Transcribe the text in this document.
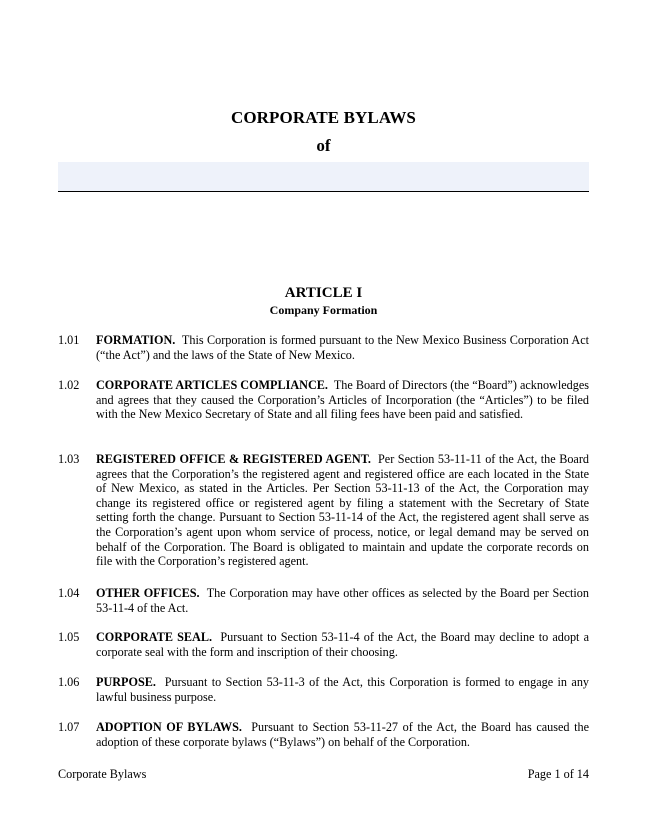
CORPORATE BYLAWS
of
ARTICLE I
Company Formation
1.01	FORMATION. This Corporation is formed pursuant to the New Mexico Business Corporation Act (“the Act”) and the laws of the State of New Mexico.
1.02	CORPORATE ARTICLES COMPLIANCE. The Board of Directors (the “Board”) acknowledges and agrees that they caused the Corporation’s Articles of Incorporation (the “Articles”) to be filed with the New Mexico Secretary of State and all filing fees have been paid and satisfied.
1.03	REGISTERED OFFICE & REGISTERED AGENT. Per Section 53-11-11 of the Act, the Board agrees that the Corporation’s the registered agent and registered office are each located in the State of New Mexico, as stated in the Articles. Per Section 53-11-13 of the Act, the Corporation may change its registered office or registered agent by filing a statement with the Secretary of State setting forth the change. Pursuant to Section 53-11-14 of the Act, the registered agent shall serve as the Corporation’s agent upon whom service of process, notice, or legal demand may be served on behalf of the Corporation. The Board is obligated to maintain and update the corporate records on file with the Corporation’s registered agent.
1.04	OTHER OFFICES. The Corporation may have other offices as selected by the Board per Section 53-11-4 of the Act.
1.05	CORPORATE SEAL. Pursuant to Section 53-11-4 of the Act, the Board may decline to adopt a corporate seal with the form and inscription of their choosing.
1.06	PURPOSE. Pursuant to Section 53-11-3 of the Act, this Corporation is formed to engage in any lawful business purpose.
1.07	ADOPTION OF BYLAWS. Pursuant to Section 53-11-27 of the Act, the Board has caused the adoption of these corporate bylaws (“Bylaws”) on behalf of the Corporation.
Corporate Bylaws	Page 1 of 14
